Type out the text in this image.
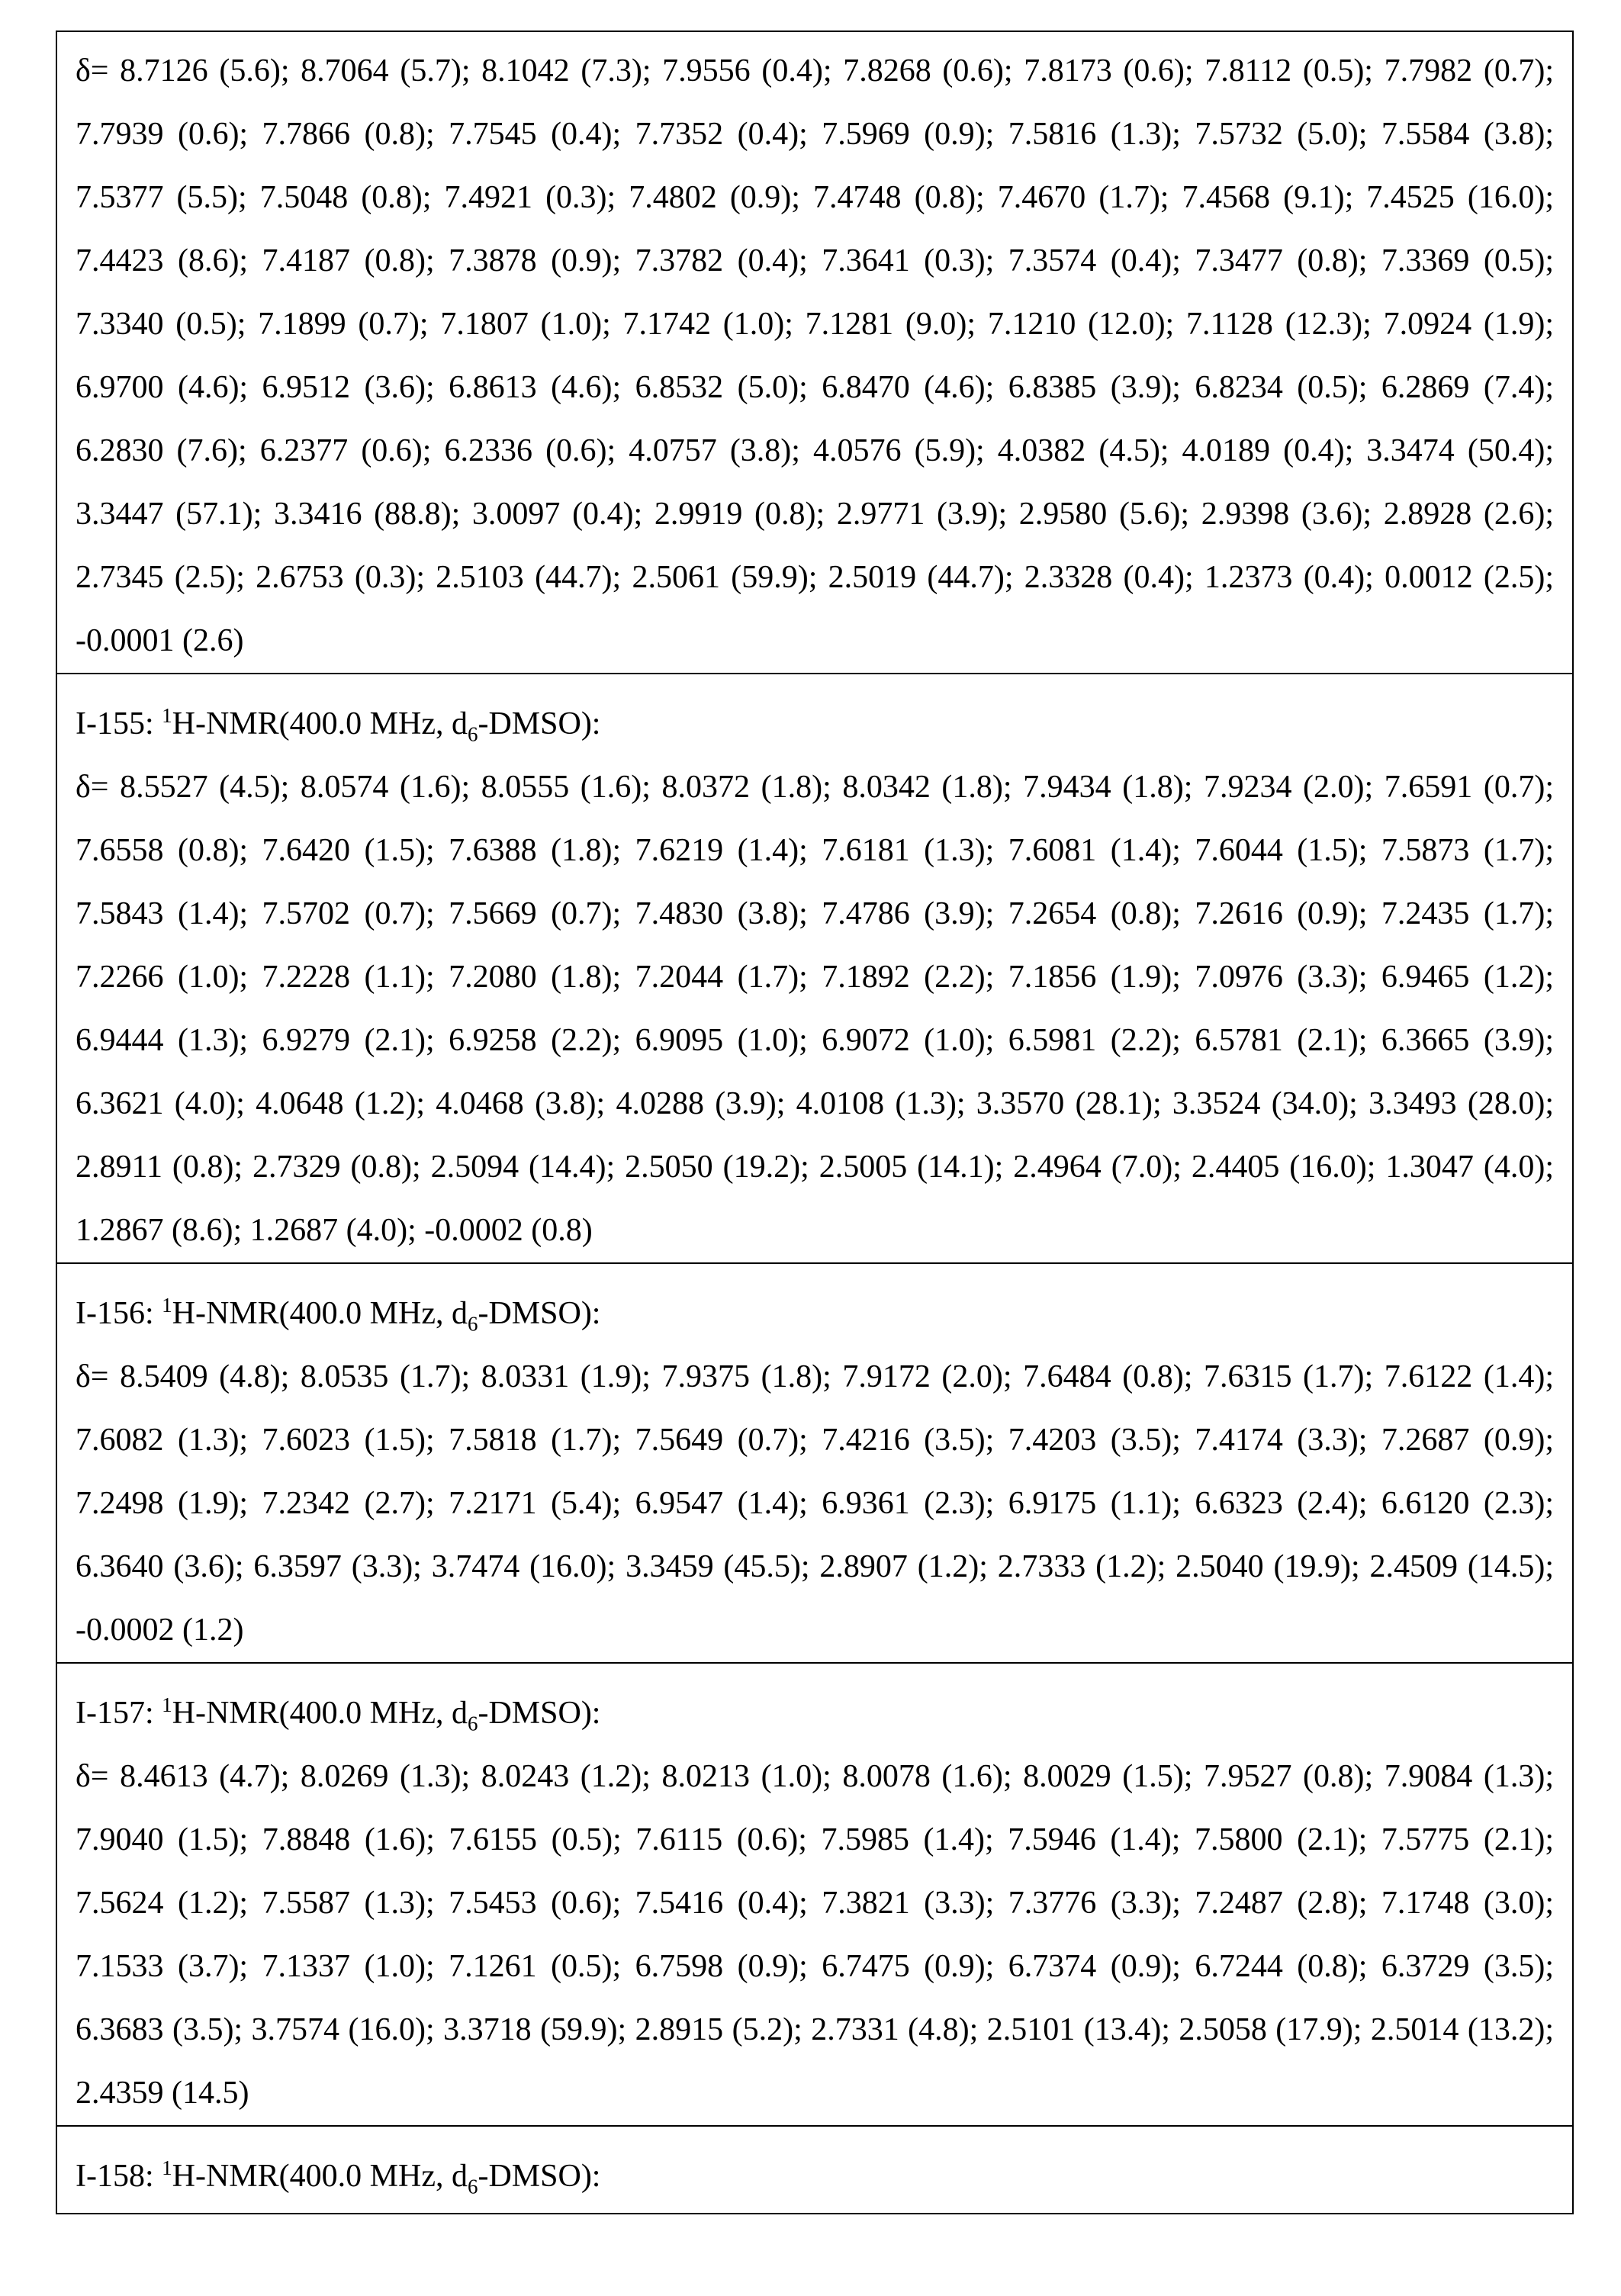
δ= 8.7126 (5.6); 8.7064 (5.7); 8.1042 (7.3); 7.9556 (0.4); 7.8268 (0.6); 7.8173 (0.6); 7.8112 (0.5); 7.7982 (0.7); 7.7939 (0.6); 7.7866 (0.8); 7.7545 (0.4); 7.7352 (0.4); 7.5969 (0.9); 7.5816 (1.3); 7.5732 (5.0); 7.5584 (3.8); 7.5377 (5.5); 7.5048 (0.8); 7.4921 (0.3); 7.4802 (0.9); 7.4748 (0.8); 7.4670 (1.7); 7.4568 (9.1); 7.4525 (16.0); 7.4423 (8.6); 7.4187 (0.8); 7.3878 (0.9); 7.3782 (0.4); 7.3641 (0.3); 7.3574 (0.4); 7.3477 (0.8); 7.3369 (0.5); 7.3340 (0.5); 7.1899 (0.7); 7.1807 (1.0); 7.1742 (1.0); 7.1281 (9.0); 7.1210 (12.0); 7.1128 (12.3); 7.0924 (1.9); 6.9700 (4.6); 6.9512 (3.6); 6.8613 (4.6); 6.8532 (5.0); 6.8470 (4.6); 6.8385 (3.9); 6.8234 (0.5); 6.2869 (7.4); 6.2830 (7.6); 6.2377 (0.6); 6.2336 (0.6); 4.0757 (3.8); 4.0576 (5.9); 4.0382 (4.5); 4.0189 (0.4); 3.3474 (50.4); 3.3447 (57.1); 3.3416 (88.8); 3.0097 (0.4); 2.9919 (0.8); 2.9771 (3.9); 2.9580 (5.6); 2.9398 (3.6); 2.8928 (2.6); 2.7345 (2.5); 2.6753 (0.3); 2.5103 (44.7); 2.5061 (59.9); 2.5019 (44.7); 2.3328 (0.4); 1.2373 (0.4); 0.0012 (2.5); -0.0001 (2.6)
I-155: 1H-NMR(400.0 MHz, d6-DMSO):
δ= 8.5527 (4.5); 8.0574 (1.6); 8.0555 (1.6); 8.0372 (1.8); 8.0342 (1.8); 7.9434 (1.8); 7.9234 (2.0); 7.6591 (0.7); 7.6558 (0.8); 7.6420 (1.5); 7.6388 (1.8); 7.6219 (1.4); 7.6181 (1.3); 7.6081 (1.4); 7.6044 (1.5); 7.5873 (1.7); 7.5843 (1.4); 7.5702 (0.7); 7.5669 (0.7); 7.4830 (3.8); 7.4786 (3.9); 7.2654 (0.8); 7.2616 (0.9); 7.2435 (1.7); 7.2266 (1.0); 7.2228 (1.1); 7.2080 (1.8); 7.2044 (1.7); 7.1892 (2.2); 7.1856 (1.9); 7.0976 (3.3); 6.9465 (1.2); 6.9444 (1.3); 6.9279 (2.1); 6.9258 (2.2); 6.9095 (1.0); 6.9072 (1.0); 6.5981 (2.2); 6.5781 (2.1); 6.3665 (3.9); 6.3621 (4.0); 4.0648 (1.2); 4.0468 (3.8); 4.0288 (3.9); 4.0108 (1.3); 3.3570 (28.1); 3.3524 (34.0); 3.3493 (28.0); 2.8911 (0.8); 2.7329 (0.8); 2.5094 (14.4); 2.5050 (19.2); 2.5005 (14.1); 2.4964 (7.0); 2.4405 (16.0); 1.3047 (4.0); 1.2867 (8.6); 1.2687 (4.0); -0.0002 (0.8)
I-156: 1H-NMR(400.0 MHz, d6-DMSO):
δ= 8.5409 (4.8); 8.0535 (1.7); 8.0331 (1.9); 7.9375 (1.8); 7.9172 (2.0); 7.6484 (0.8); 7.6315 (1.7); 7.6122 (1.4); 7.6082 (1.3); 7.6023 (1.5); 7.5818 (1.7); 7.5649 (0.7); 7.4216 (3.5); 7.4203 (3.5); 7.4174 (3.3); 7.2687 (0.9); 7.2498 (1.9); 7.2342 (2.7); 7.2171 (5.4); 6.9547 (1.4); 6.9361 (2.3); 6.9175 (1.1); 6.6323 (2.4); 6.6120 (2.3); 6.3640 (3.6); 6.3597 (3.3); 3.7474 (16.0); 3.3459 (45.5); 2.8907 (1.2); 2.7333 (1.2); 2.5040 (19.9); 2.4509 (14.5); -0.0002 (1.2)
I-157: 1H-NMR(400.0 MHz, d6-DMSO):
δ= 8.4613 (4.7); 8.0269 (1.3); 8.0243 (1.2); 8.0213 (1.0); 8.0078 (1.6); 8.0029 (1.5); 7.9527 (0.8); 7.9084 (1.3); 7.9040 (1.5); 7.8848 (1.6); 7.6155 (0.5); 7.6115 (0.6); 7.5985 (1.4); 7.5946 (1.4); 7.5800 (2.1); 7.5775 (2.1); 7.5624 (1.2); 7.5587 (1.3); 7.5453 (0.6); 7.5416 (0.4); 7.3821 (3.3); 7.3776 (3.3); 7.2487 (2.8); 7.1748 (3.0); 7.1533 (3.7); 7.1337 (1.0); 7.1261 (0.5); 6.7598 (0.9); 6.7475 (0.9); 6.7374 (0.9); 6.7244 (0.8); 6.3729 (3.5); 6.3683 (3.5); 3.7574 (16.0); 3.3718 (59.9); 2.8915 (5.2); 2.7331 (4.8); 2.5101 (13.4); 2.5058 (17.9); 2.5014 (13.2); 2.4359 (14.5)
I-158: 1H-NMR(400.0 MHz, d6-DMSO):
